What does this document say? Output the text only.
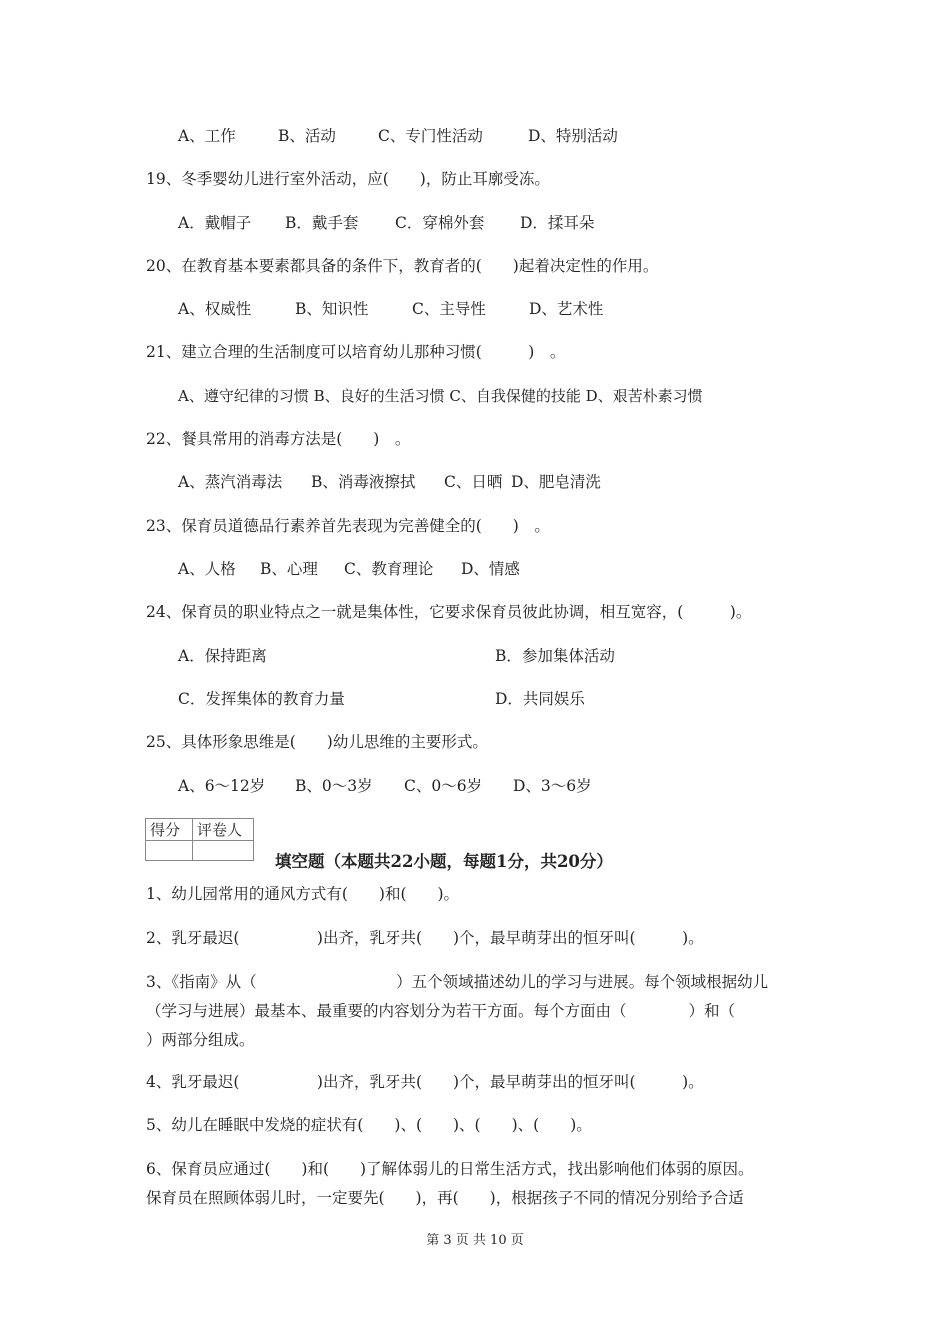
A、工作	B、活动	C、专门性活动	D、特别活动
19、冬季婴幼儿进行室外活动，应(　　)，防止耳廓受冻。
A．戴帽子 B．戴手套 C．穿棉外套 D．揉耳朵
20、在教育基本要素都具备的条件下，教育者的(　　)起着决定性的作用。
A、权威性	B、知识性	C、主导性	D、艺术性
21、建立合理的生活制度可以培育幼儿那种习惯(　　　)　。
A、遵守纪律的习惯 B、良好的生活习惯 C、自我保健的技能 D、艰苦朴素习惯
22、餐具常用的消毒方法是(　　)　。
A、蒸汽消毒法 B、消毒液擦拭 C、日晒 D、肥皂清洗
23、保育员道德品行素养首先表现为完善健全的(　　)　。
A、人格 B、心理 C、教育理论 D、情感
24、保育员的职业特点之一就是集体性，它要求保育员彼此协调，相互宽容，(　　　)。
A．保持距离	B．参加集体活动
C．发挥集体的教育力量	D．共同娱乐
25、具体形象思维是(　　)幼儿思维的主要形式。
A、6～12岁 B、0～3岁 C、0～6岁 D、3～6岁
得分	评卷人

填空题（本题共22小题，每题1分，共20分）
1、幼儿园常用的通风方式有(　　)和(　　)。
2、乳牙最迟(　　　　　)出齐，乳牙共(　　)个，最早萌芽出的恒牙叫(　　　)。
3、《指南》从（　　　　　　　　　）五个领域描述幼儿的学习与进展。每个领域根据幼儿
（学习与进展）最基本、最重要的内容划分为若干方面。每个方面由（　　　　）和（
）两部分组成。
4、乳牙最迟(　　　　　)出齐，乳牙共(　　)个，最早萌芽出的恒牙叫(　　　)。
5、幼儿在睡眠中发烧的症状有(　　)、(　　)、(　　)、(　　)。
6、保育员应通过(　　)和(　　)了解体弱儿的日常生活方式，找出影响他们体弱的原因。
保育员在照顾体弱儿时，一定要先(　　)，再(　　)，根据孩子不同的情况分别给予合适
第 3 页 共 10 页
